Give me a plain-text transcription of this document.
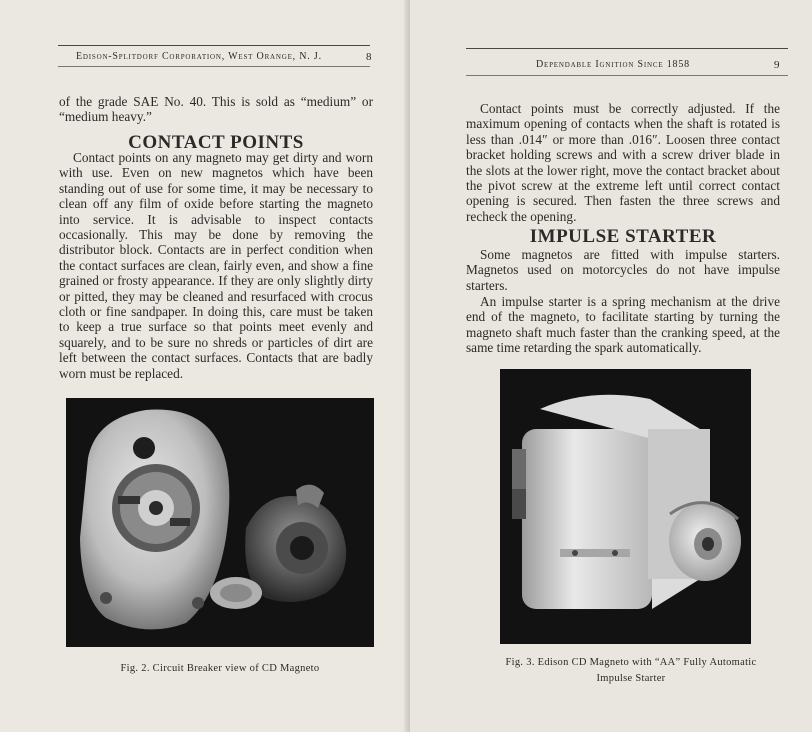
Edison-Splitdorf Corporation, West Orange, N. J.	8

of the grade SAE No. 40. This is sold as “medium” or “medium heavy.”

CONTACT POINTS

Contact points on any magneto may get dirty and worn with use. Even on new magnetos which have been standing out of use for some time, it may be necessary to clean off any film of oxide before starting the magneto into service. It is advisable to inspect contacts occasionally. This may be done by removing the distributor block. Contacts are in perfect condition when the contact surfaces are clean, fairly even, and show a fine grained or frosty appearance. If they are only slightly dirty or pitted, they may be cleaned and resurfaced with crocus cloth or fine sandpaper. In doing this, care must be taken to keep a true surface so that points meet evenly and squarely, and to be sure no shreds or particles of dirt are left between the contact surfaces. Contacts that are badly worn must be replaced.

Fig. 2. Circuit Breaker view of CD Magneto
Dependable Ignition Since 1858	9

Contact points must be correctly adjusted. If the maximum opening of contacts when the shaft is rotated is less than .014″ or more than .016″. Loosen three contact bracket holding screws and with a screw driver blade in the slots at the lower right, move the contact bracket about the pivot screw at the extreme left until correct contact opening is secured. Then fasten the three screws and recheck the opening.

IMPULSE STARTER

Some magnetos are fitted with impulse starters. Magnetos used on motorcycles do not have impulse starters.

An impulse starter is a spring mechanism at the drive end of the magneto, to facilitate starting by turning the magneto shaft much faster than the cranking speed, at the same time retarding the spark automatically.

Fig. 3. Edison CD Magneto with “AA” Fully Automatic
Impulse Starter
